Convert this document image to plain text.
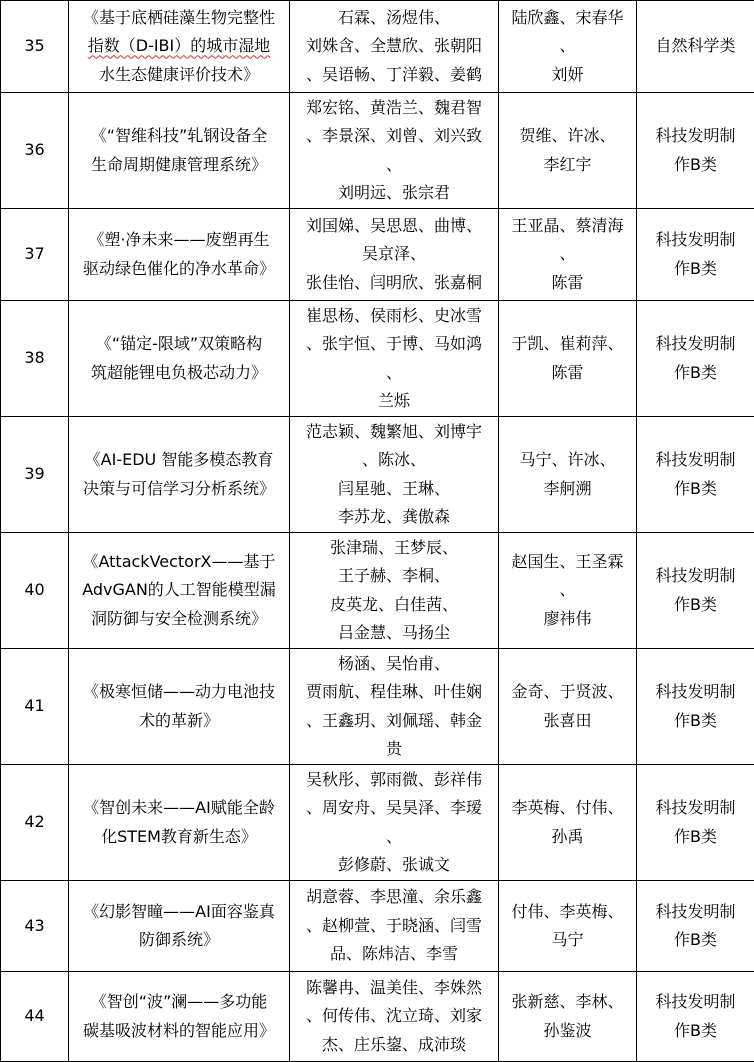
35	《基于底栖硅藻生物完整性
指数（D-IBI）的城市湿地
水生态健康评价技术》	石霖、汤煜伟、
刘姝含、全慧欣、张朝阳
、吴语畅、丁洋毅、姜鹤	陆欣鑫、宋春华
、
刘妍	自然科学类

36	《“智维科技”轧钢设备全
生命周期健康管理系统》	郑宏铭、黄浩兰、魏君智
、李景深、刘曾、刘兴致
、
刘明远、张宗君	贺维、许冰、
李红宇	科技发明制
作B类

37	《塑·净未来——废塑再生
驱动绿色催化的净水革命》	刘国娣、吴思恩、曲博、
吴京泽、
张佳怡、闫明欣、张嘉桐	王亚晶、蔡清海
、
陈雷	科技发明制
作B类

38	《“锚定-限域”双策略构
筑超能锂电负极芯动力》	崔思杨、侯雨杉、史冰雪
、张宇恒、于博、马如鸿
、
兰烁	于凯、崔莉萍、
陈雷	科技发明制
作B类

39	《AI-EDU 智能多模态教育
决策与可信学习分析系统》	范志颖、魏繁旭、刘博宇
、陈冰、
闫星驰、王琳、
李苏龙、龚傲森	马宁、许冰、
李舸溯	科技发明制
作B类

40	《AttackVectorX——基于
AdvGAN的人工智能模型漏
洞防御与安全检测系统》	张津瑞、王梦辰、
王子赫、李桐、
皮英龙、白佳茜、
吕金慧、马扬尘	赵国生、王圣霖
、
廖祎伟	科技发明制
作B类

41	《极寒恒储——动力电池技
术的革新》	杨涵、吴怡甫、
贾雨航、程佳琳、叶佳娴
、王鑫玥、刘佩瑶、韩金
贵	金奇、于贤波、
张喜田	科技发明制
作B类

42	《智创未来——AI赋能全龄
化STEM教育新生态》	吴秋彤、郭雨微、彭祥伟
、周安舟、吴昊泽、李瑷
、
彭修蔚、张诚文	李英梅、付伟、
孙禹	科技发明制
作B类

43	《幻影智瞳——AI面容鉴真
防御系统》	胡意蓉、李思潼、余乐鑫
、赵柳萱、于晓涵、闫雪
品、陈炜洁、李雪	付伟、李英梅、
马宁	科技发明制
作B类

44	《智创“波”澜——多功能
碳基吸波材料的智能应用》	陈馨冉、温美佳、李姝然
、何传伟、沈立琦、刘家
杰、庄乐鋆、成沛琰	张新慈、李林、
孙鉴波	科技发明制
作B类
